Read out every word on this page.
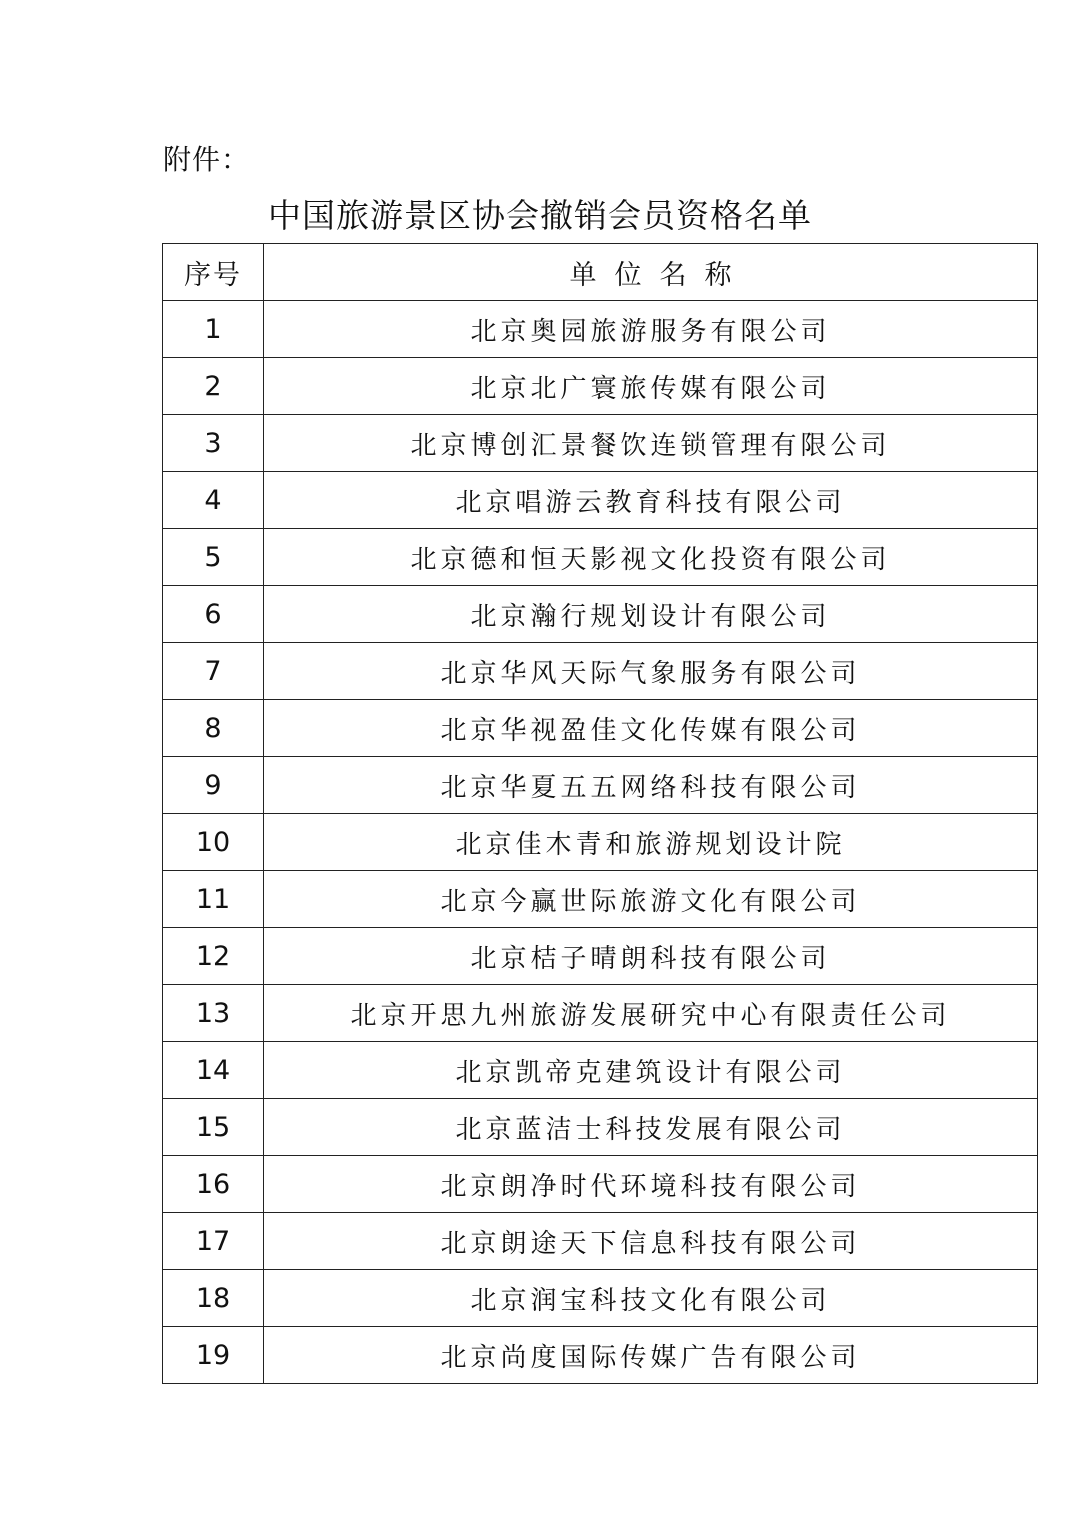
附件：
中国旅游景区协会撤销会员资格名单
序号	单位名称
1	北京奥园旅游服务有限公司
2	北京北广寰旅传媒有限公司
3	北京博创汇景餐饮连锁管理有限公司
4	北京唱游云教育科技有限公司
5	北京德和恒天影视文化投资有限公司
6	北京瀚行规划设计有限公司
7	北京华风天际气象服务有限公司
8	北京华视盈佳文化传媒有限公司
9	北京华夏五五网络科技有限公司
10	北京佳木青和旅游规划设计院
11	北京今赢世际旅游文化有限公司
12	北京桔子晴朗科技有限公司
13	北京开思九州旅游发展研究中心有限责任公司
14	北京凯帝克建筑设计有限公司
15	北京蓝洁士科技发展有限公司
16	北京朗净时代环境科技有限公司
17	北京朗途天下信息科技有限公司
18	北京润宝科技文化有限公司
19	北京尚度国际传媒广告有限公司
